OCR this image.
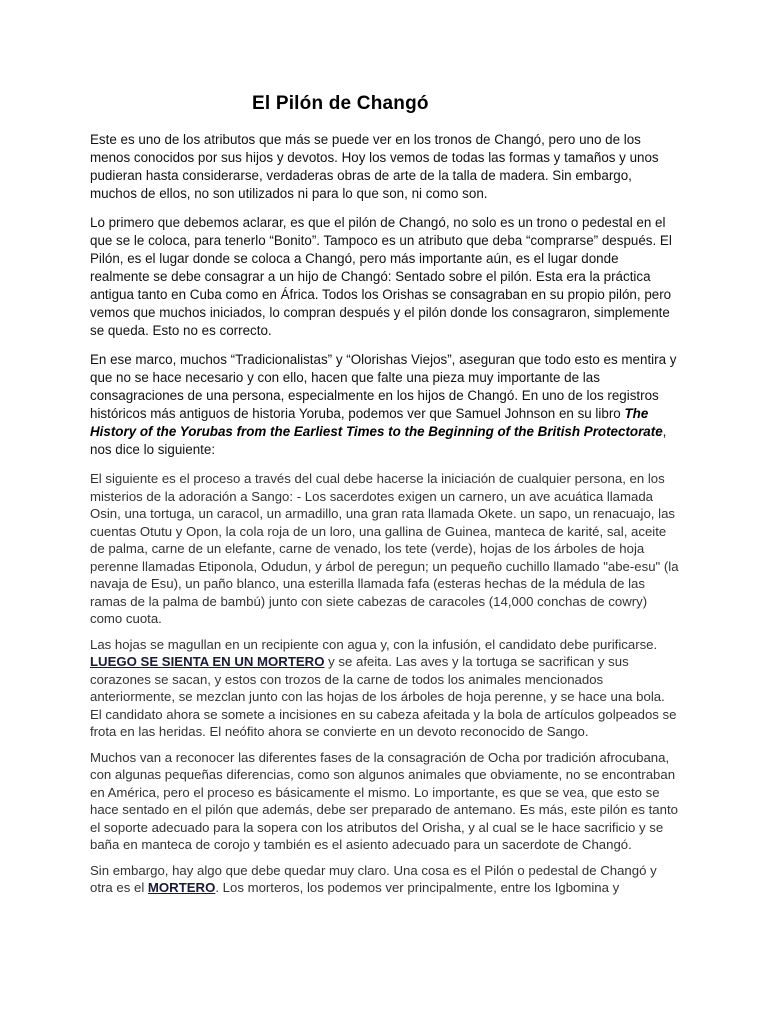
El Pilón de Changó

Este es uno de los atributos que más se puede ver en los tronos de Changó, pero uno de los menos conocidos por sus hijos y devotos. Hoy los vemos de todas las formas y tamaños y unos pudieran hasta considerarse, verdaderas obras de arte de la talla de madera. Sin embargo, muchos de ellos, no son utilizados ni para lo que son, ni como son.

Lo primero que debemos aclarar, es que el pilón de Changó, no solo es un trono o pedestal en el que se le coloca, para tenerlo “Bonito”. Tampoco es un atributo que deba “comprarse” después. El Pilón, es el lugar donde se coloca a Changó, pero más importante aún, es el lugar donde realmente se debe consagrar a un hijo de Changó: Sentado sobre el pilón. Esta era la práctica antigua tanto en Cuba como en África. Todos los Orishas se consagraban en su propio pilón, pero vemos que muchos iniciados, lo compran después y el pilón donde los consagraron, simplemente se queda. Esto no es correcto.

En ese marco, muchos “Tradicionalistas” y “Olorishas Viejos”, aseguran que todo esto es mentira y que no se hace necesario y con ello, hacen que falte una pieza muy importante de las consagraciones de una persona, especialmente en los hijos de Changó. En uno de los registros históricos más antiguos de historia Yoruba, podemos ver que Samuel Johnson en su libro The History of the Yorubas from the Earliest Times to the Beginning of the British Protectorate, nos dice lo siguiente:

El siguiente es el proceso a través del cual debe hacerse la iniciación de cualquier persona, en los misterios de la adoración a Sango: - Los sacerdotes exigen un carnero, un ave acuática llamada Osin, una tortuga, un caracol, un armadillo, una gran rata llamada Okete. un sapo, un renacuajo, las cuentas Otutu y Opon, la cola roja de un loro, una gallina de Guinea, manteca de karité, sal, aceite de palma, carne de un elefante, carne de venado, los tete (verde), hojas de los árboles de hoja perenne llamadas Etiponola, Odudun, y árbol de peregun; un pequeño cuchillo llamado "abe-esu" (la navaja de Esu), un paño blanco, una esterilla llamada fafa (esteras hechas de la médula de las ramas de la palma de bambú) junto con siete cabezas de caracoles (14,000 conchas de cowry) como cuota.

Las hojas se magullan en un recipiente con agua y, con la infusión, el candidato debe purificarse. LUEGO SE SIENTA EN UN MORTERO y se afeita. Las aves y la tortuga se sacrifican y sus corazones se sacan, y estos con trozos de la carne de todos los animales mencionados anteriormente, se mezclan junto con las hojas de los árboles de hoja perenne, y se hace una bola. El candidato ahora se somete a incisiones en su cabeza afeitada y la bola de artículos golpeados se frota en las heridas. El neófito ahora se convierte en un devoto reconocido de Sango.

Muchos van a reconocer las diferentes fases de la consagración de Ocha por tradición afrocubana, con algunas pequeñas diferencias, como son algunos animales que obviamente, no se encontraban en América, pero el proceso es básicamente el mismo. Lo importante, es que se vea, que esto se hace sentado en el pilón que además, debe ser preparado de antemano. Es más, este pilón es tanto el soporte adecuado para la sopera con los atributos del Orisha, y al cual se le hace sacrificio y se baña en manteca de corojo y también es el asiento adecuado para un sacerdote de Changó.

Sin embargo, hay algo que debe quedar muy claro. Una cosa es el Pilón o pedestal de Changó y otra es el MORTERO. Los morteros, los podemos ver principalmente, entre los Igbomina y
